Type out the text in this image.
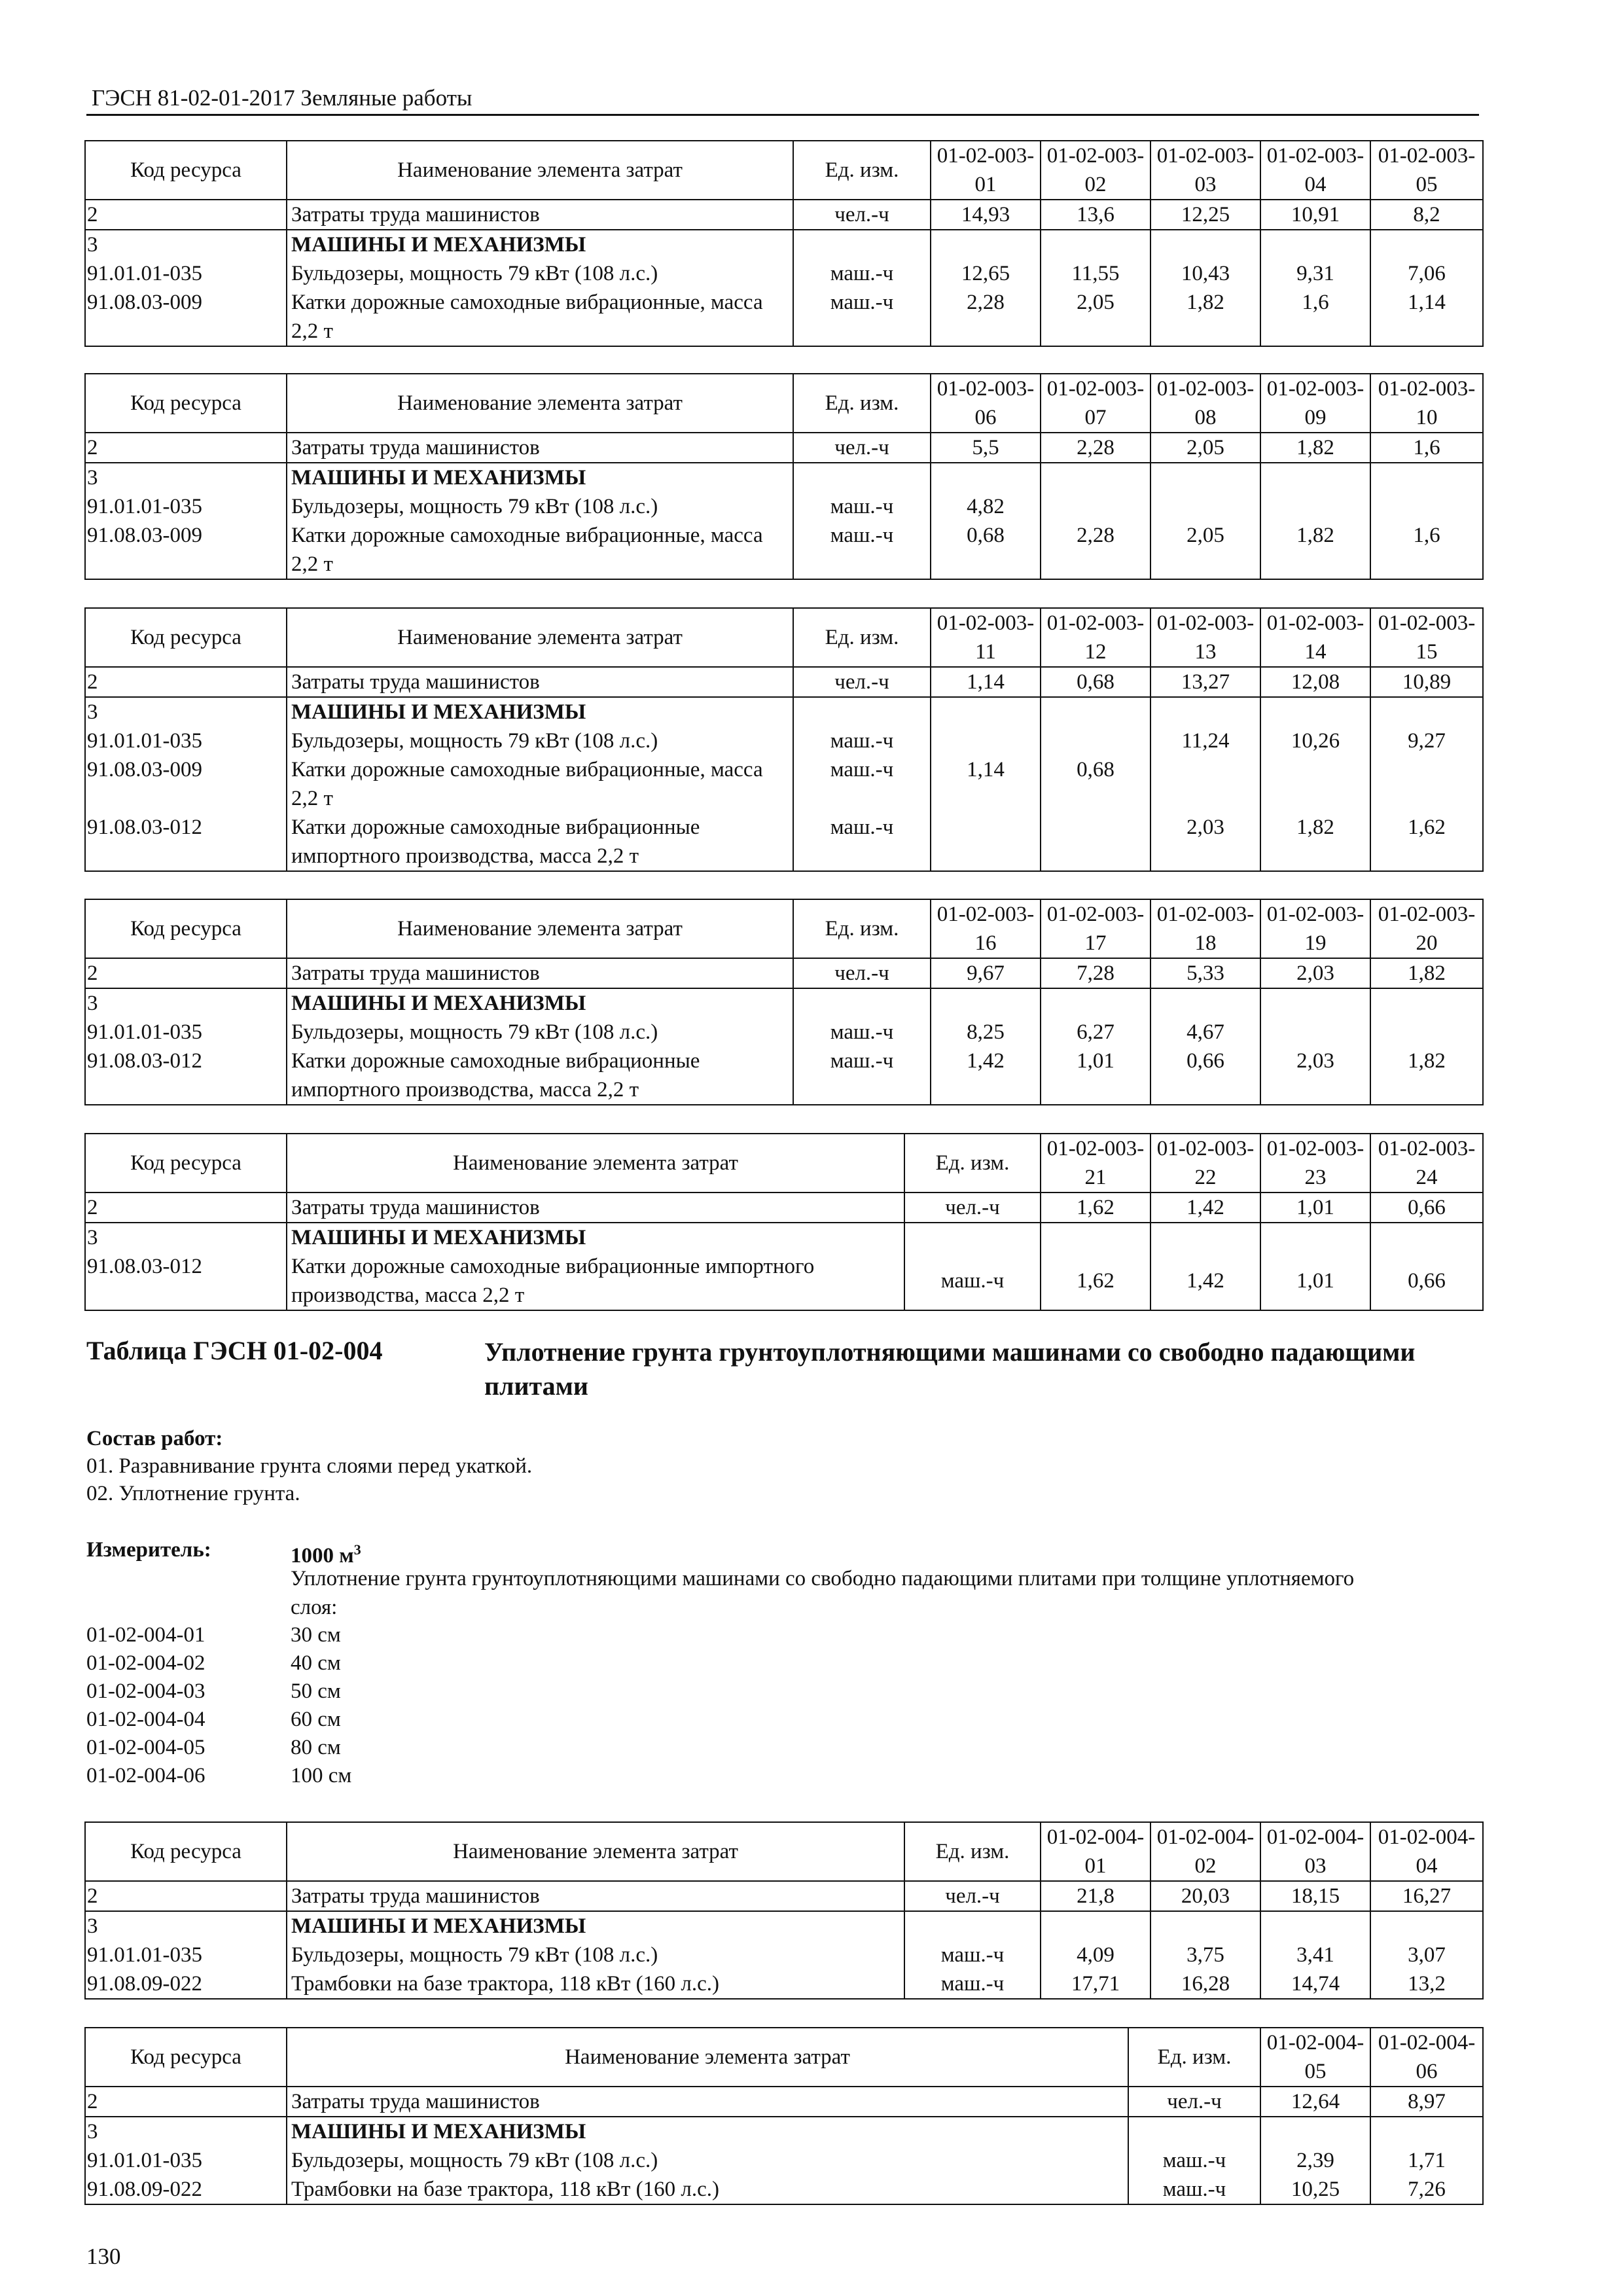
ГЭСН 81-02-01-2017 Земляные работы
Код ресурса	Наименование элемента затрат	Ед. изм.	01-02-003-01	01-02-003-02	01-02-003-03	01-02-003-04	01-02-003-05
2	Затраты труда машинистов	чел.-ч	14,93	13,6	12,25	10,91	8,2
3	МАШИНЫ И МЕХАНИЗМЫ						
91.01.01-035	Бульдозеры, мощность 79 кВт (108 л.с.)	маш.-ч	12,65	11,55	10,43	9,31	7,06
91.08.03-009	Катки дорожные самоходные вибрационные, масса 2,2 т	маш.-ч	2,28	2,05	1,82	1,6	1,14
Код ресурса	Наименование элемента затрат	Ед. изм.	01-02-003-06	01-02-003-07	01-02-003-08	01-02-003-09	01-02-003-10
2	Затраты труда машинистов	чел.-ч	5,5	2,28	2,05	1,82	1,6
3	МАШИНЫ И МЕХАНИЗМЫ						
91.01.01-035	Бульдозеры, мощность 79 кВт (108 л.с.)	маш.-ч	4,82				
91.08.03-009	Катки дорожные самоходные вибрационные, масса 2,2 т	маш.-ч	0,68	2,28	2,05	1,82	1,6
Код ресурса	Наименование элемента затрат	Ед. изм.	01-02-003-11	01-02-003-12	01-02-003-13	01-02-003-14	01-02-003-15
2	Затраты труда машинистов	чел.-ч	1,14	0,68	13,27	12,08	10,89
3	МАШИНЫ И МЕХАНИЗМЫ						
91.01.01-035	Бульдозеры, мощность 79 кВт (108 л.с.)	маш.-ч			11,24	10,26	9,27
91.08.03-009	Катки дорожные самоходные вибрационные, масса 2,2 т	маш.-ч	1,14	0,68			
91.08.03-012	Катки дорожные самоходные вибрационные импортного производства, масса 2,2 т	маш.-ч			2,03	1,82	1,62
Код ресурса	Наименование элемента затрат	Ед. изм.	01-02-003-16	01-02-003-17	01-02-003-18	01-02-003-19	01-02-003-20
2	Затраты труда машинистов	чел.-ч	9,67	7,28	5,33	2,03	1,82
3	МАШИНЫ И МЕХАНИЗМЫ						
91.01.01-035	Бульдозеры, мощность 79 кВт (108 л.с.)	маш.-ч	8,25	6,27	4,67		
91.08.03-012	Катки дорожные самоходные вибрационные импортного производства, масса 2,2 т	маш.-ч	1,42	1,01	0,66	2,03	1,82
Код ресурса	Наименование элемента затрат	Ед. изм.	01-02-003-21	01-02-003-22	01-02-003-23	01-02-003-24
2	Затраты труда машинистов	чел.-ч	1,62	1,42	1,01	0,66
3	МАШИНЫ И МЕХАНИЗМЫ					
91.08.03-012	Катки дорожные самоходные вибрационные импортного производства, масса 2,2 т	маш.-ч	1,62	1,42	1,01	0,66
Таблица ГЭСН 01-02-004	Уплотнение грунта грунтоуплотняющими машинами со свободно падающими плитами
Состав работ:
01. Разравнивание грунта слоями перед укаткой.
02. Уплотнение грунта.
Измеритель:	1000 $м^3$
Уплотнение грунта грунтоуплотняющими машинами со свободно падающими плитами при толщине уплотняемого слоя:
01-02-004-01	30 см
01-02-004-02	40 см
01-02-004-03	50 см
01-02-004-04	60 см
01-02-004-05	80 см
01-02-004-06	100 см
Код ресурса	Наименование элемента затрат	Ед. изм.	01-02-004-01	01-02-004-02	01-02-004-03	01-02-004-04
2	Затраты труда машинистов	чел.-ч	21,8	20,03	18,15	16,27
3	МАШИНЫ И МЕХАНИЗМЫ					
91.01.01-035	Бульдозеры, мощность 79 кВт (108 л.с.)	маш.-ч	4,09	3,75	3,41	3,07
91.08.09-022	Трамбовки на базе трактора, 118 кВт (160 л.с.)	маш.-ч	17,71	16,28	14,74	13,2
Код ресурса	Наименование элемента затрат	Ед. изм.	01-02-004-05	01-02-004-06
2	Затраты труда машинистов	чел.-ч	12,64	8,97
3	МАШИНЫ И МЕХАНИЗМЫ			
91.01.01-035	Бульдозеры, мощность 79 кВт (108 л.с.)	маш.-ч	2,39	1,71
91.08.09-022	Трамбовки на базе трактора, 118 кВт (160 л.с.)	маш.-ч	10,25	7,26
130
